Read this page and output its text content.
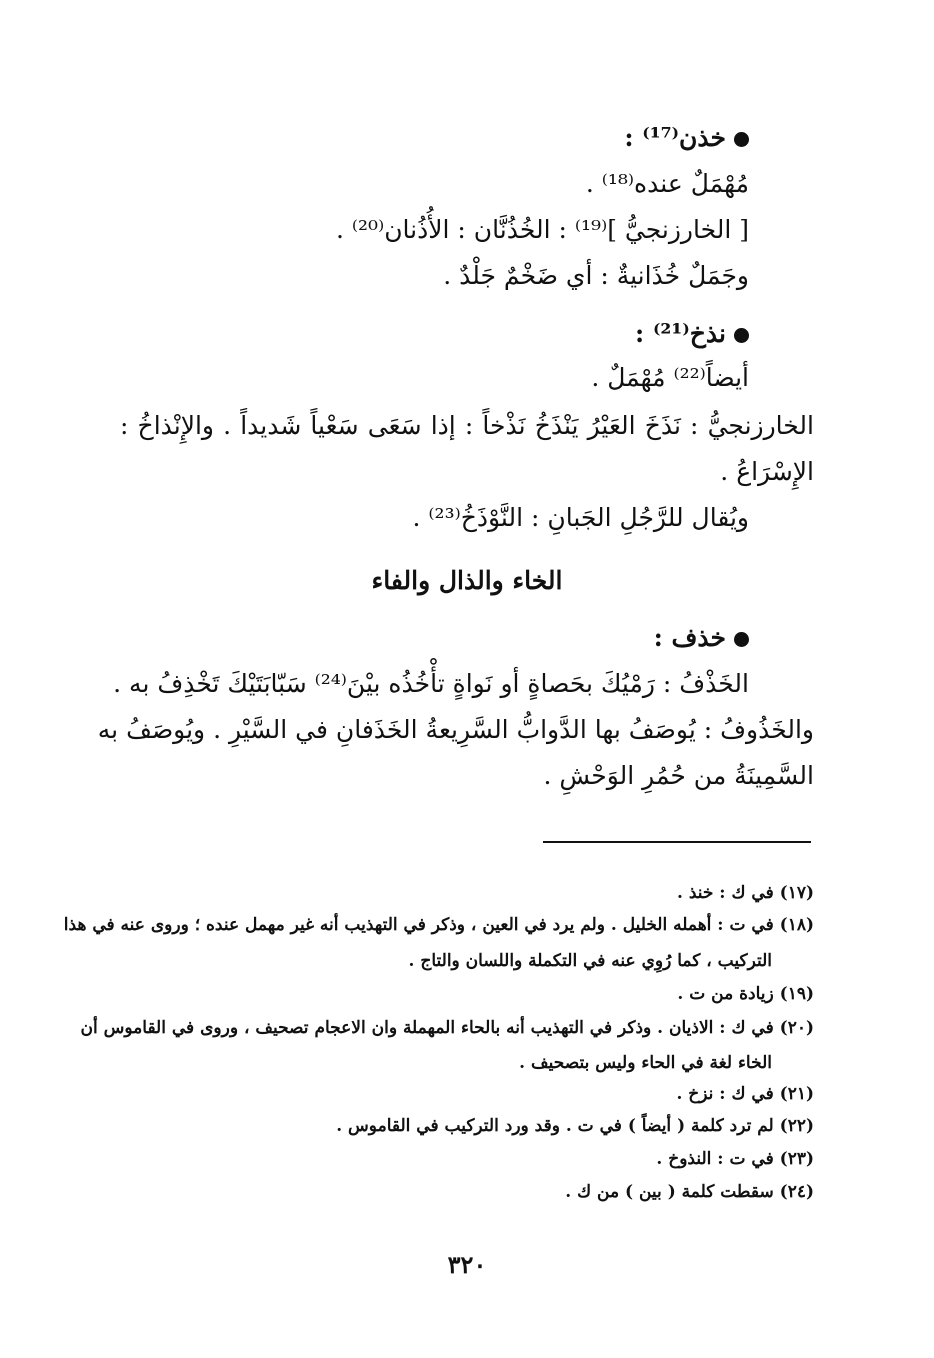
خذن⁽¹⁷⁾ :
مُهْمَلٌ عنده⁽¹⁸⁾ .
[ الخارزنجيُّ ]⁽¹⁹⁾ : الخُذُنَّان : الأُذُنان⁽²⁰⁾ .
وجَمَلٌ خُذَانيةٌ : أي ضَخْمٌ جَلْدٌ .
نذخ⁽²¹⁾ :
أيضاً⁽²²⁾ مُهْمَلٌ .
الخارزنجيُّ : نَذَخَ العَيْرُ يَنْذَخُ نَذْخاً : إذا سَعَى سَعْياً شَديداً . والإِنْذاخُ :
الإِسْرَاعُ .
ويُقال للرَّجُلِ الجَبانِ : النَّوْذَخُ⁽²³⁾ .
الخاء والذال والفاء
خذف :
الخَذْفُ : رَمْيُكَ بحَصاةٍ أو نَواةٍ تأْخُذُه بيْنَ⁽²⁴⁾ سَبّابَتَيْكَ تَخْذِفُ به .
والخَذُوفُ : يُوصَفُ بها الدَّوابُّ السَّرِيعةُ الخَذَفانِ في السَّيْرِ . ويُوصَفُ به
السَّمِينَةُ من حُمُرِ الوَحْشِ .
(١٧) في ك : خنذ .
(١٨) في ت : أهمله الخليل . ولم يرد في العين ، وذكر في التهذيب أنه غير مهمل عنده ؛ وروى عنه في هذا
التركيب ، كما رُوِي عنه في التكملة واللسان والتاج .
(١٩) زيادة من ت .
(٢٠) في ك : الاذيان . وذكر في التهذيب أنه بالحاء المهملة وان الاعجام تصحيف ، وروى في القاموس أن
الخاء لغة في الحاء وليس بتصحيف .
(٢١) في ك : نزخ .
(٢٢) لم ترد كلمة ( أيضاً ) في ت . وقد ورد التركيب في القاموس .
(٢٣) في ت : النذوخ .
(٢٤) سقطت كلمة ( بين ) من ك .
٣٢٠
